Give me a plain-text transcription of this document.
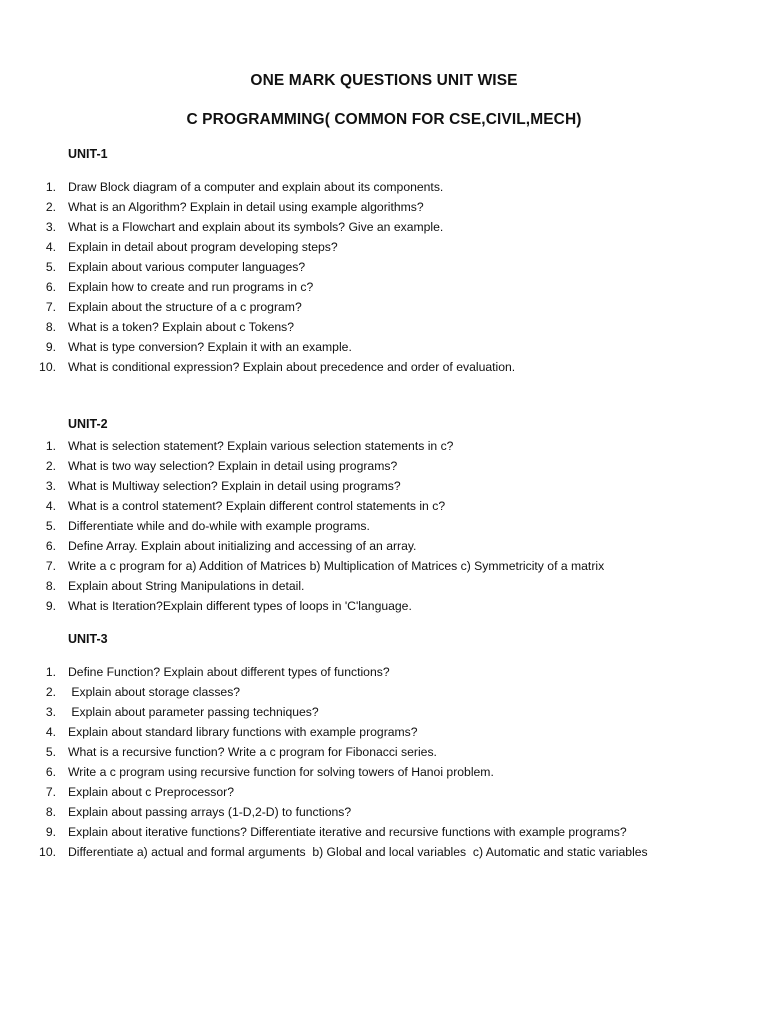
ONE MARK QUESTIONS UNIT WISE
C PROGRAMMING( COMMON FOR CSE,CIVIL,MECH)
UNIT-1
1. Draw Block diagram of a computer and explain about its components.
2. What is an Algorithm? Explain in detail using example algorithms?
3. What is a Flowchart and explain about its symbols? Give an example.
4. Explain in detail about program developing steps?
5. Explain about various computer languages?
6. Explain how to create and run programs in c?
7. Explain about the structure of a c program?
8. What is a token? Explain about c Tokens?
9. What is type conversion? Explain it with an example.
10. What is conditional expression? Explain about precedence and order of evaluation.
UNIT-2
1. What is selection statement? Explain various selection statements in c?
2. What is two way selection? Explain in detail using programs?
3. What is Multiway selection? Explain in detail using programs?
4. What is a control statement? Explain different control statements in c?
5. Differentiate while and do-while with example programs.
6. Define Array. Explain about initializing and accessing of an array.
7. Write a c program for a) Addition of Matrices b) Multiplication of Matrices c) Symmetricity of a matrix
8. Explain about String Manipulations in detail.
9. What is Iteration?Explain different types of loops in 'C'language.
UNIT-3
1. Define Function? Explain about different types of functions?
2. Explain about storage classes?
3. Explain about parameter passing techniques?
4. Explain about standard library functions with example programs?
5. What is a recursive function? Write a c program for Fibonacci series.
6. Write a c program using recursive function for solving towers of Hanoi problem.
7. Explain about c Preprocessor?
8. Explain about passing arrays (1-D,2-D) to functions?
9. Explain about iterative functions? Differentiate iterative and recursive functions with example programs?
10. Differentiate a) actual and formal arguments  b) Global and local variables  c) Automatic and static variables
